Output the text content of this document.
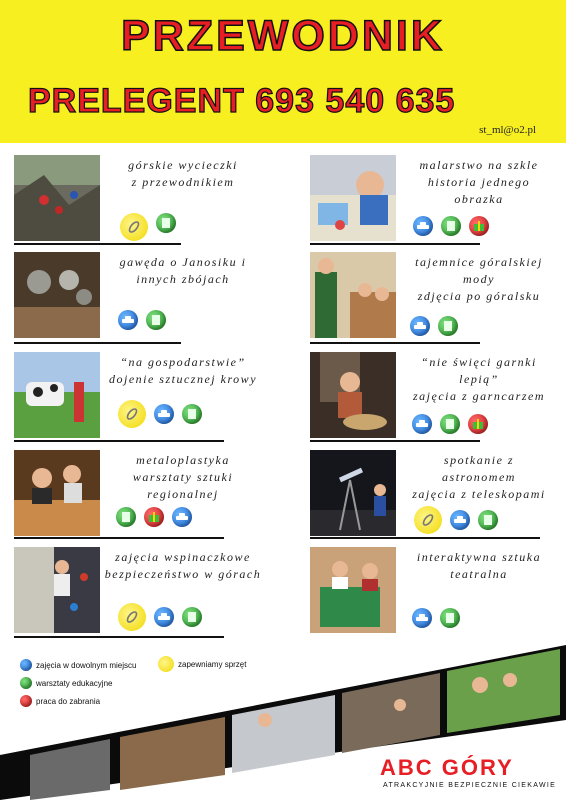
PRZEWODNIK
PRELEGENT 693 540 635
st_ml@o2.pl
górskie wycieczki
z przewodnikiem
malarstwo na szkle
historia jednego
obrazka
gawęda o Janosiku i
innych zbójach
tajemnice góralskiej
mody
zdjęcia po góralsku
“na gospodarstwie”
dojenie sztucznej krowy
“nie święci garnki
lepią”
zajęcia z garncarzem
metaloplastyka
warsztaty sztuki
regionalnej
spotkanie z
astronomem
zajęcia z teleskopami
zajęcia wspinaczkowe
bezpieczeństwo w górach
interaktywna sztuka
teatralna
zajęcia w dowolnym miejscu
warsztaty edukacyjne
praca do zabrania
zapewniamy sprzęt
ABC GÓRY
ATRAKCYJNIE BEZPIECZNIE CIEKAWIE
